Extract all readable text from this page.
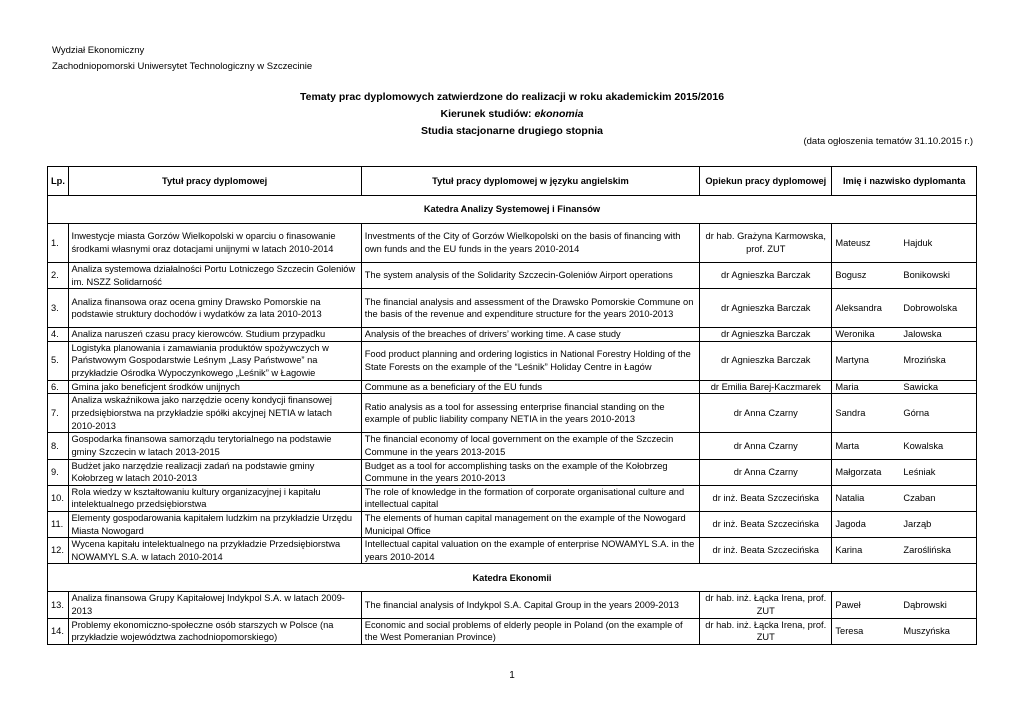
Wydział Ekonomiczny
Zachodniopomorski Uniwersytet Technologiczny w Szczecinie
Tematy prac dyplomowych zatwierdzone do realizacji w roku akademickim 2015/2016
Kierunek studiów: ekonomia
Studia stacjonarne drugiego stopnia
(data ogłoszenia tematów 31.10.2015 r.)
Lp.	Tytuł pracy dyplomowej	Tytuł pracy dyplomowej w języku angielskim	Opiekun pracy dyplomowej	Imię i nazwisko dyplomanta
Katedra Analizy Systemowej i Finansów				
1.	Inwestycje miasta Gorzów Wielkopolski w oparciu o finasowanie środkami własnymi oraz dotacjami unijnymi w latach 2010-2014	Investments of the City of Gorzów Wielkopolski on the basis of financing with own funds and the EU funds in the years 2010-2014	dr hab. Grażyna Karmowska, prof. ZUT	Mateusz Hajduk

2.	Analiza systemowa działalności Portu Lotniczego Szczecin Goleniów im. NSZZ Solidarność	The system analysis of the Solidarity Szczecin-Goleniów Airport operations	dr Agnieszka Barczak	Bogusz Bonikowski

3.	Analiza finansowa oraz ocena gminy Drawsko Pomorskie na podstawie struktury dochodów i wydatków za lata 2010-2013	The financial analysis and assessment of the Drawsko Pomorskie Commune on the basis of the revenue and expenditure structure for the years 2010-2013	dr Agnieszka Barczak	Aleksandra Dobrowolska

4.	Analiza naruszeń czasu pracy kierowców. Studium przypadku	Analysis of the breaches of drivers’ working time. A case study	dr Agnieszka Barczak	Weronika Jalowska

5.	Logistyka planowania i zamawiania produktów spożywczych w Państwowym Gospodarstwie Leśnym „Lasy Państwowe” na przykładzie Ośrodka Wypoczynkowego „Leśnik” w Łagowie	Food product planning and ordering logistics in National Forestry Holding of the State Forests on the example of the “Leśnik” Holiday Centre in Łagów	dr Agnieszka Barczak	Martyna Mrozińska

6.	Gmina jako beneficjent środków unijnych	Commune as a beneficiary of the EU funds	dr Emilia Barej-Kaczmarek	Maria Sawicka

7.	Analiza wskaźnikowa jako narzędzie oceny kondycji finansowej przedsiębiorstwa na przykładzie spółki akcyjnej NETIA w latach 2010-2013	Ratio analysis as a tool for assessing enterprise financial standing on the example of public liability company NETIA in the years 2010-2013	dr Anna Czarny	Sandra Górna

8.	Gospodarka finansowa samorządu terytorialnego na podstawie gminy Szczecin w latach 2013-2015	The financial economy of local government on the example of the Szczecin Commune in the years 2013-2015	dr Anna Czarny	Marta Kowalska

9.	Budżet jako narzędzie realizacji zadań na podstawie gminy Kołobrzeg w latach 2010-2013	Budget as a tool for accomplishing tasks on the example of the Kołobrzeg Commune in the years 2010-2013	dr Anna Czarny	Małgorzata Leśniak

10.	Rola wiedzy w kształtowaniu kultury organizacyjnej i kapitału intelektualnego przedsiębiorstwa	The role of knowledge in the formation of corporate organisational culture and intellectual capital	dr inż. Beata Szczecińska	Natalia Czaban

11.	Elementy gospodarowania kapitałem ludzkim na przykładzie Urzędu Miasta Nowogard	The elements of human capital management on the example of the Nowogard Municipal Office	dr inż. Beata Szczecińska	Jagoda Jarząb

12.	Wycena kapitału intelektualnego na przykładzie Przedsiębiorstwa NOWAMYL S.A. w latach 2010-2014	Intellectual capital valuation on the example of enterprise NOWAMYL S.A. in the years 2010-2014	dr inż. Beata Szczecińska	Karina Zaroślińska

Katedra Ekonomii				
13.	Analiza finansowa Grupy Kapitałowej Indykpol S.A. w latach 2009-2013	The financial analysis of Indykpol S.A. Capital Group in the years 2009-2013	dr hab. inż. Łącka Irena, prof. ZUT	Paweł Dąbrowski

14.	Problemy ekonomiczno-społeczne osób starszych w Polsce (na przykładzie województwa zachodniopomorskiego)	Economic and social problems of elderly people in Poland (on the example of the West Pomeranian Province)	dr hab. inż. Łącka Irena, prof. ZUT	Teresa Muszyńska
1
